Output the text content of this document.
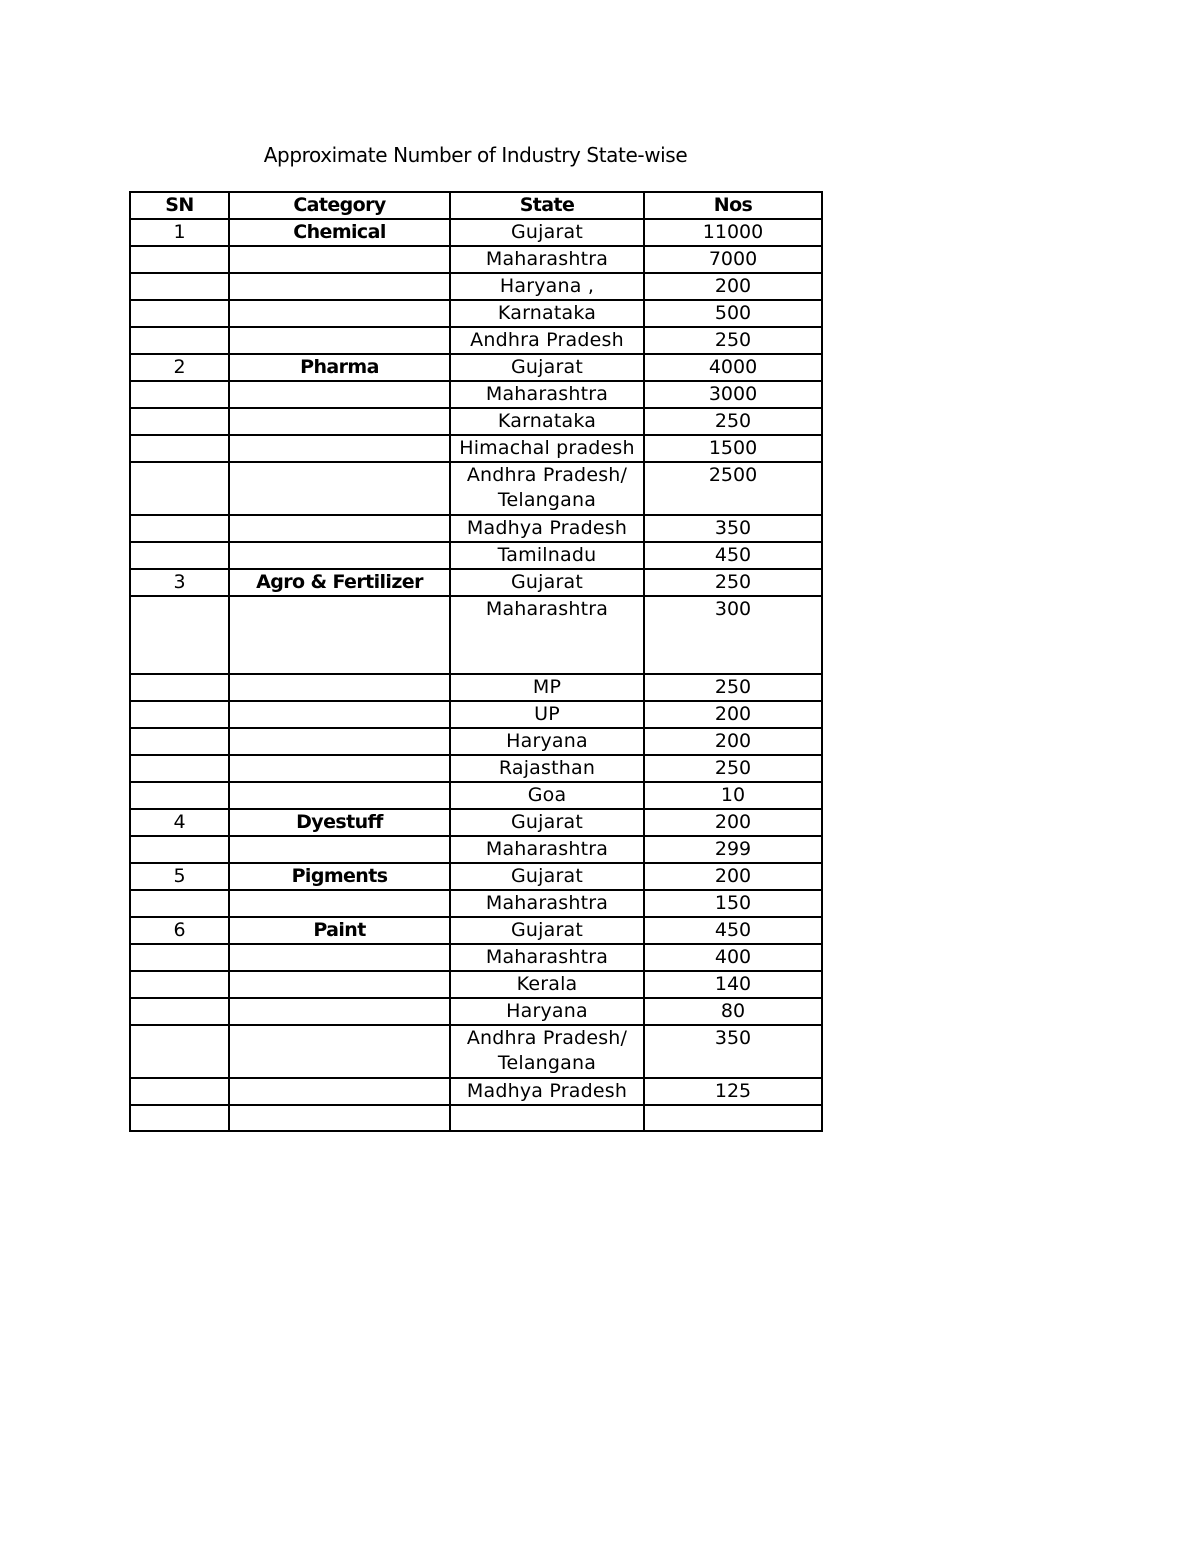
Approximate Number of Industry State-wise
SN	Category	State	Nos
1	Chemical	Gujarat	11000
		Maharashtra	7000
		Haryana ,	200
		Karnataka	500
		Andhra Pradesh	250
2	Pharma	Gujarat	4000
		Maharashtra	3000
		Karnataka	250
		Himachal pradesh	1500
		Andhra Pradesh/ Telangana	2500
		Madhya Pradesh	350
		Tamilnadu	450
3	Agro & Fertilizer	Gujarat	250
		Maharashtra	300
		MP	250
		UP	200
		Haryana	200
		Rajasthan	250
		Goa	10
4	Dyestuff	Gujarat	200
		Maharashtra	299
5	Pigments	Gujarat	200
		Maharashtra	150
6	Paint	Gujarat	450
		Maharashtra	400
		Kerala	140
		Haryana	80
		Andhra Pradesh/ Telangana	350
		Madhya Pradesh	125
